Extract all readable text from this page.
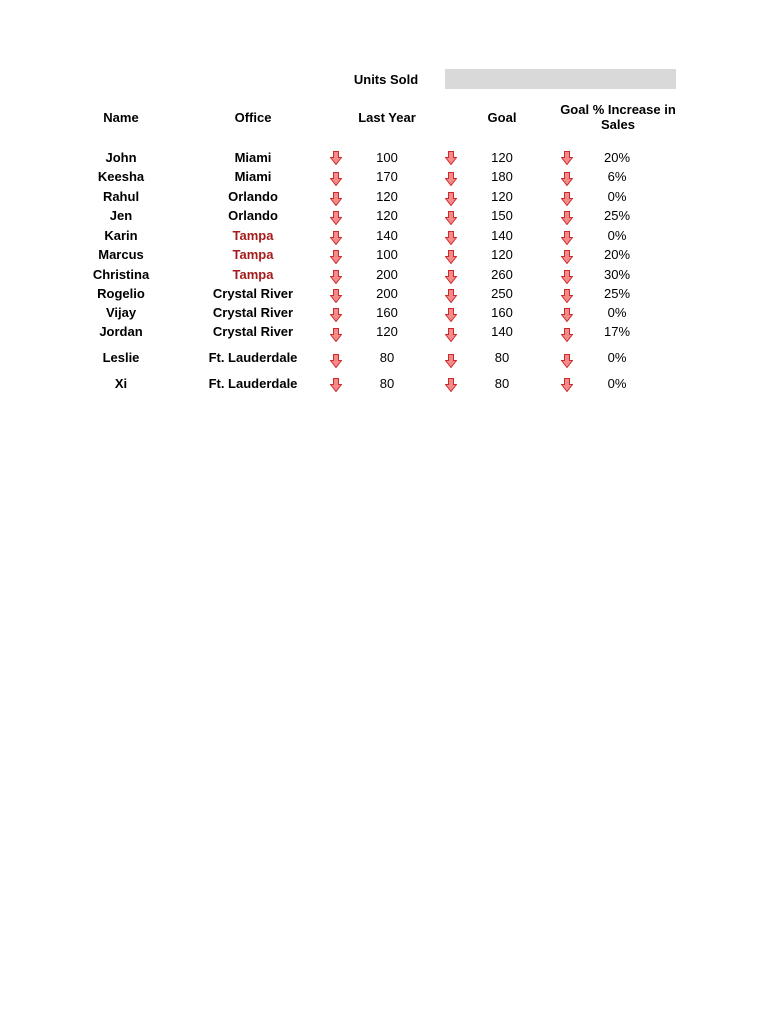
Units Sold
Name	Office	Last Year	Goal
Goal % Increase in Sales
John	Miami	100	120	20%
Keesha	Miami	170	180	6%
Rahul	Orlando	120	120	0%
Jen	Orlando	120	150	25%
Karin	Tampa	140	140	0%
Marcus	Tampa	100	120	20%
Christina	Tampa	200	260	30%
Rogelio	Crystal River	200	250	25%
Vijay	Crystal River	160	160	0%
Jordan	Crystal River	120	140	17%
Leslie	Ft. Lauderdale	80	80	0%
Xi	Ft. Lauderdale	80	80	0%
